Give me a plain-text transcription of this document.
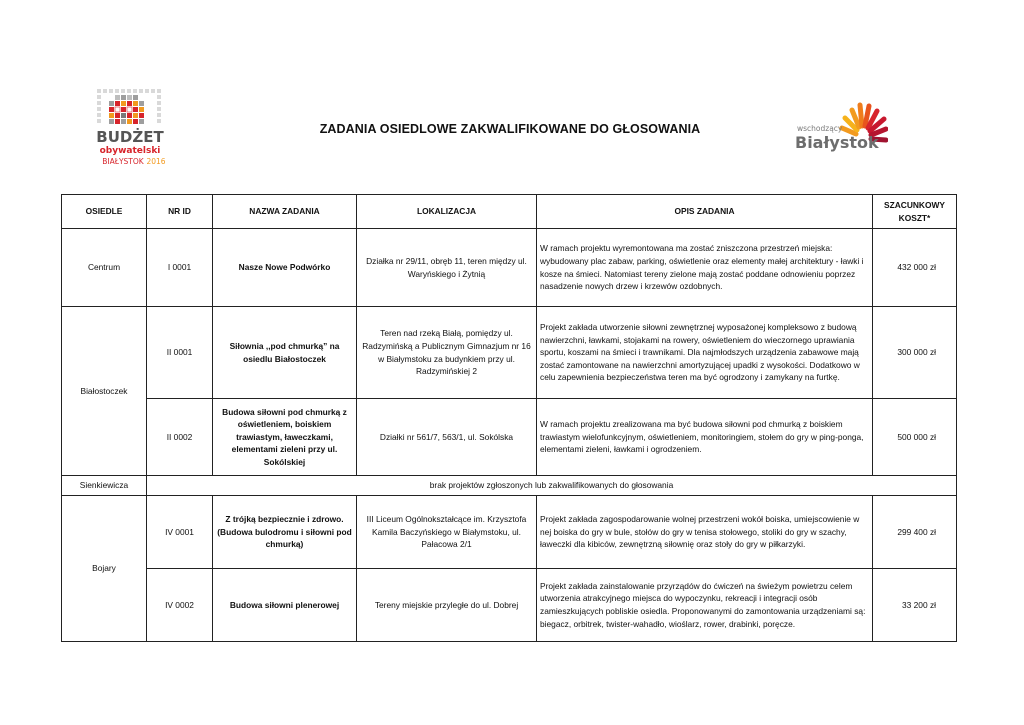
BUDŻET
obywatelski
BIAŁYSTOK 2016
ZADANIA OSIEDLOWE ZAKWALIFIKOWANE DO GŁOSOWANIA	wschodzący
Białystok
OSIEDLE	NR ID	NAZWA ZADANIA	LOKALIZACJA	OPIS ZADANIA	SZACUNKOWY KOSZT*
Centrum	I 0001	Nasze Nowe Podwórko	Działka nr 29/11, obręb 11, teren między ul. Waryńskiego i Żytnią	W ramach projektu wyremontowana ma zostać zniszczona przestrzeń miejska: wybudowany plac zabaw, parking, oświetlenie oraz elementy małej architektury - ławki i kosze na śmieci. Natomiast tereny zielone mają zostać poddane odnowieniu poprzez nasadzenie nowych drzew i krzewów ozdobnych.	432 000 zł
Białostoczek	II 0001	Siłownia ,,pod chmurką” na osiedlu Białostoczek	Teren nad rzeką Białą, pomiędzy ul. Radzymińską a Publicznym Gimnazjum nr 16 w Białymstoku za budynkiem przy ul. Radzymińskiej 2	Projekt zakłada utworzenie siłowni zewnętrznej wyposażonej kompleksowo z budową nawierzchni, ławkami, stojakami na rowery, oświetleniem do wieczornego uprawiania sportu, koszami na śmieci i trawnikami. Dla najmłodszych urządzenia zabawowe mają zostać zamontowane na nawierzchni amortyzującej upadki z wysokości. Dodatkowo w celu zapewnienia bezpieczeństwa teren ma być ogrodzony i zamykany na furtkę.	300 000 zł
	II 0002	Budowa siłowni pod chmurką z oświetleniem, boiskiem trawiastym, ławeczkami, elementami zieleni przy ul. Sokólskiej	Działki nr 561/7, 563/1, ul. Sokólska	W ramach projektu zrealizowana ma być budowa siłowni pod chmurką z boiskiem trawiastym wielofunkcyjnym, oświetleniem, monitoringiem, stołem do gry w ping-ponga, elementami zieleni, ławkami i ogrodzeniem.	500 000 zł
Sienkiewicza	brak projektów zgłoszonych lub zakwalifikowanych do głosowania				
Bojary	IV 0001	Z trójką bezpiecznie i zdrowo. (Budowa bulodromu i siłowni pod chmurką)	III Liceum Ogólnokształcące im. Krzysztofa Kamila Baczyńskiego w Białymstoku, ul. Pałacowa 2/1	Projekt zakłada zagospodarowanie wolnej przestrzeni wokół boiska, umiejscowienie w nej boiska do gry w bule, stołów do gry w tenisa stołowego, stoliki do gry w szachy, ławeczki dla kibiców, zewnętrzną siłownię oraz stoły do gry w piłkarzyki.	299 400 zł
	IV 0002	Budowa siłowni plenerowej	Tereny miejskie przyległe do ul. Dobrej	Projekt zakłada zainstalowanie przyrządów do ćwiczeń na świeżym powietrzu celem utworzenia atrakcyjnego miejsca do wypoczynku, rekreacji i integracji osób zamieszkujących pobliskie osiedla. Proponowanymi do zamontowania urządzeniami są: biegacz, orbitrek, twister-wahadło, wioślarz, rower, drabinki, poręcze.	33 200 zł
